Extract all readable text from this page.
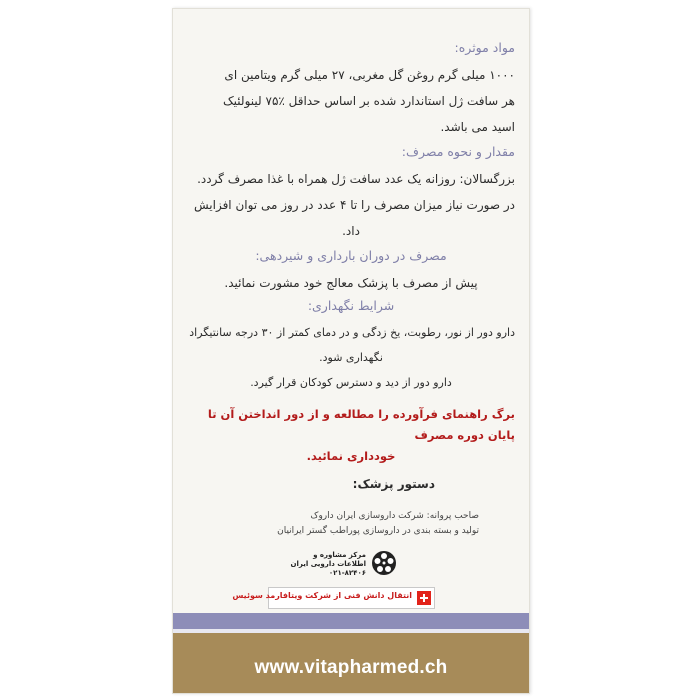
مواد موثره:
۱۰۰۰ میلی گرم روغن گل مغربی، ۲۷ میلی گرم ویتامین ای
هر سافت ژل استاندارد شده بر اساس حداقل ٪۷۵ لینولئیک
اسید می باشد.
مقدار و نحوه مصرف:
بزرگسالان: روزانه یک عدد سافت ژل همراه با غذا مصرف گردد.
در صورت نیاز میزان مصرف را تا ۴ عدد در روز می توان افزایش
داد.
مصرف در دوران بارداری و شیردهی:
پیش از مصرف با پزشک معالج خود مشورت نمائید.
شرایط نگهداری:
دارو دور از نور، رطوبت، یخ زدگی و در دمای کمتر از ۳۰ درجه سانتیگراد
نگهداری شود.
دارو دور از دید و دسترس کودکان قرار گیرد.
برگ راهنمای فرآورده را مطالعه و از دور انداختن آن تا پایان دوره مصرف
خودداری نمائید.
دستور پزشک:
صاحب پروانه: شرکت داروسازی ایران داروک
تولید و بسته بندی در داروسازی پوراطب گستر ایرانیان
مرکز مشاوره و
اطلاعات دارویی ایران
۰۲۱-۸۲۴۰۶
انتقال دانش فنی از شرکت ویتافارمد سوئیس
www.vitapharmed.ch
